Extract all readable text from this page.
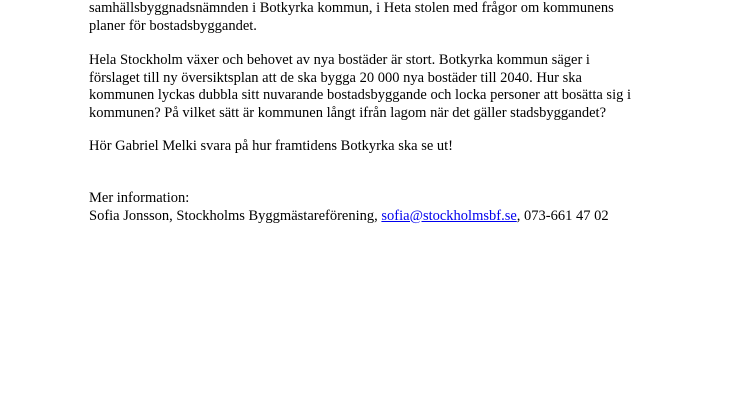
samhällsbyggnadsnämnden i Botkyrka kommun, i Heta stolen med frågor om kommunens
planer för bostadsbyggandet.

Hela Stockholm växer och behovet av nya bostäder är stort. Botkyrka kommun säger i
förslaget till ny översiktsplan att de ska bygga 20 000 nya bostäder till 2040. Hur ska
kommunen lyckas dubbla sitt nuvarande bostadsbyggande och locka personer att bosätta sig i
kommunen? På vilket sätt är kommunen långt ifrån lagom när det gäller stadsbyggandet?

Hör Gabriel Melki svara på hur framtidens Botkyrka ska se ut!

Mer information:
Sofia Jonsson, Stockholms Byggmästareförening, sofia@stockholmsbf.se, 073-661 47 02
